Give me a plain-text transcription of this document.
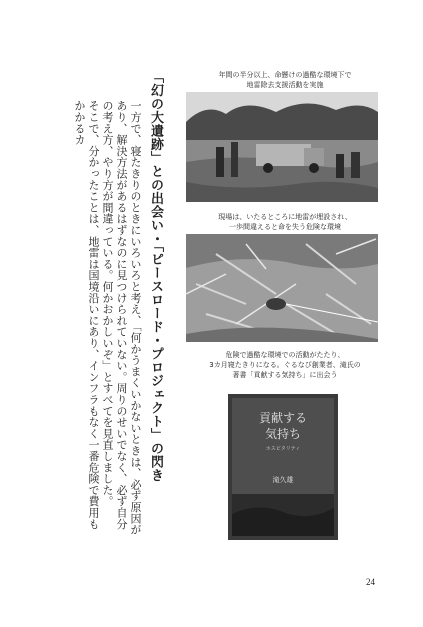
「幻の大遺跡」との出会い・「ピースロード・プロジェクト」の閃き

一方で、寝たきりのときにいろいろと考え、「何かうまくいかないときは、必ず原因があり、解決方法があるはずなのに見つけられていない。周りのせいでなく、必ず自分の考え方、やり方が間違っている。何かおかしいぞ」とすべてを見直しました。

そこで、分かったことは、地雷は国境沿いにあり、インフラもなく一番危険で費用もかかるカ

年間の半分以上、命懸けの過酷な環境下で
地雷除去支援活動を実施
現場は、いたるところに地雷が埋設され、
一歩間違えると命を失う危険な環境
危険で過酷な環境での活動がたたり、
3カ月寝たきりになる。ぐるなび創業者、滝氏の
著書「貢献する気持ち」に出会う
貢献する
気持ち
ホスピタリティ
滝久雄
24
